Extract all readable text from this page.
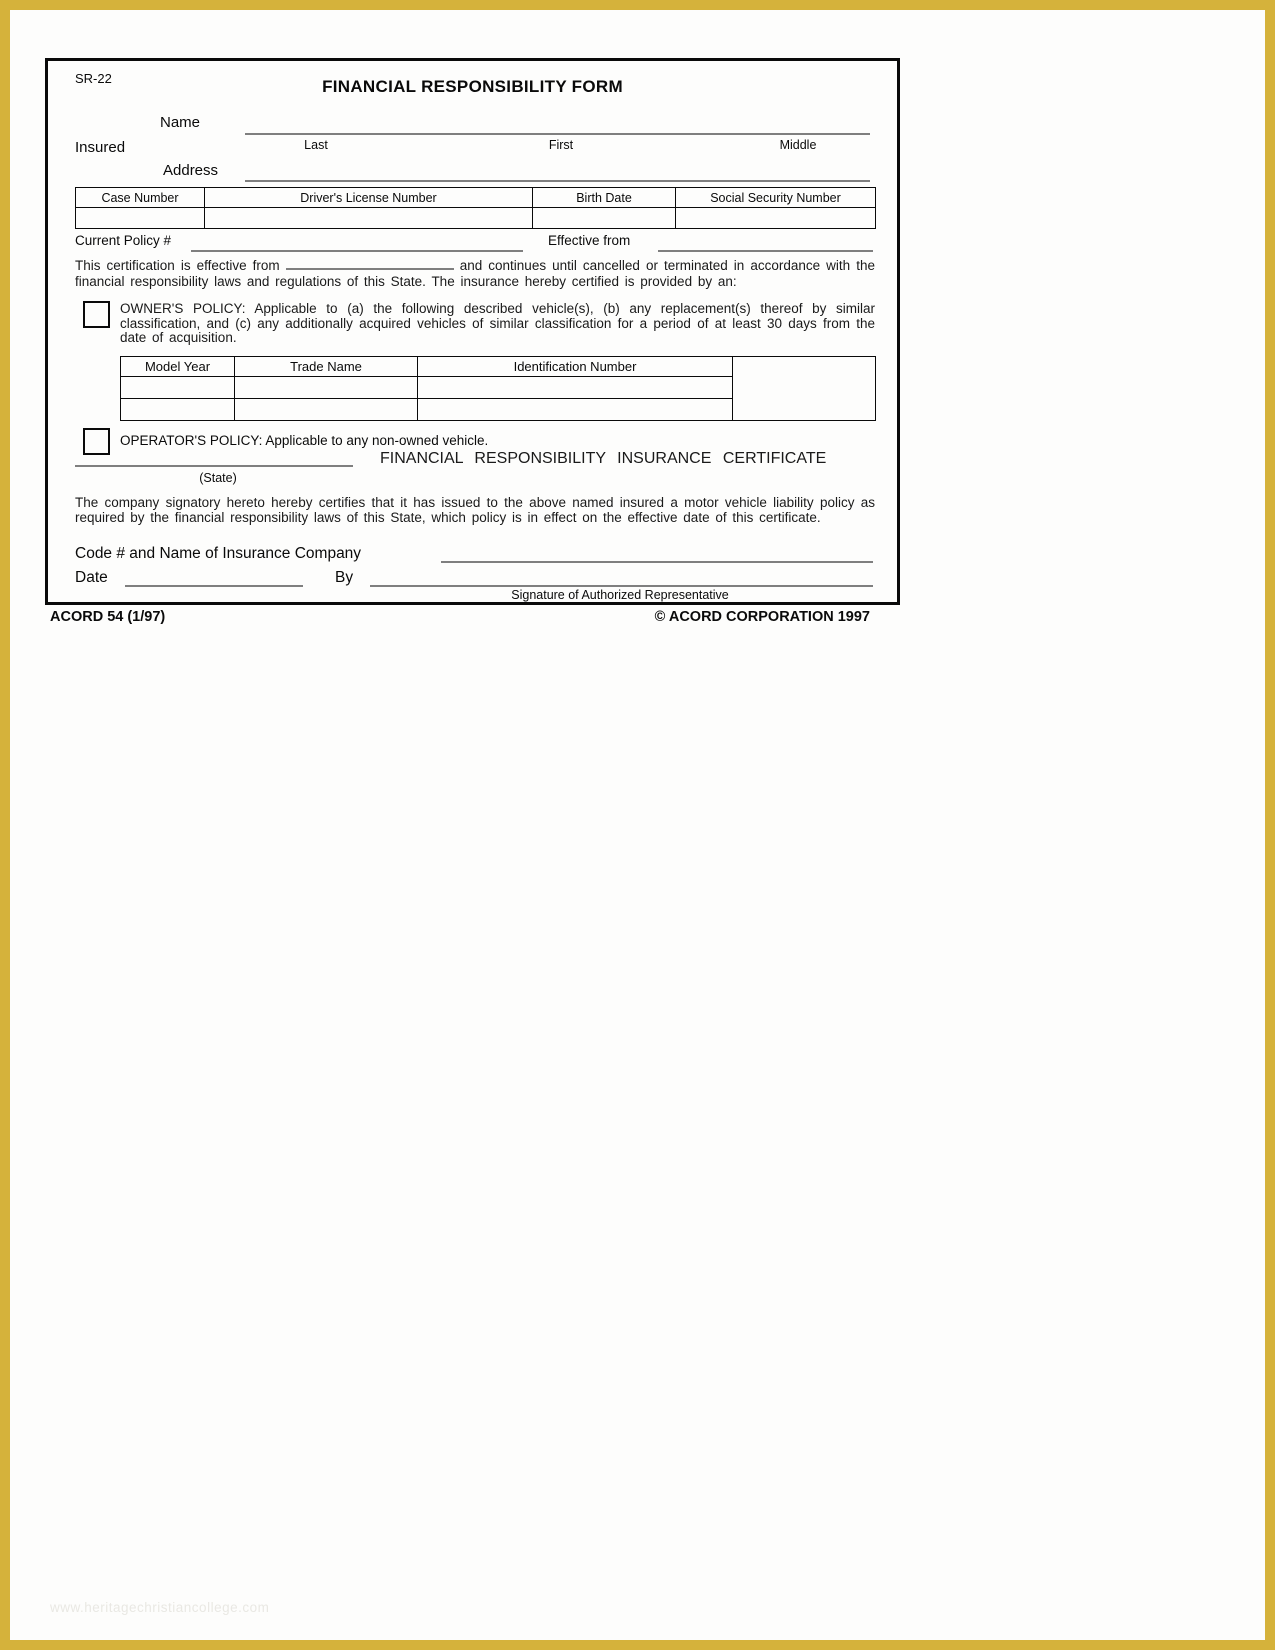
SR-22	FINANCIAL RESPONSIBILITY FORM
Name
Last	First	Middle
Insured
Address
Case Number	Driver's License Number	Birth Date	Social Security Number

Current Policy #	Effective from
This certification is effective from	and continues until cancelled or terminated in accordance with the financial responsibility laws and regulations of this State. The insurance hereby certified is provided by an:
OWNER'S POLICY: Applicable to (a) the following described vehicle(s), (b) any replacement(s) thereof by similar classification, and (c) any additionally acquired vehicles of similar classification for a period of at least 30 days from the date of acquisition.
Model Year	Trade Name	Identification Number	

OPERATOR'S POLICY: Applicable to any non-owned vehicle.
FINANCIAL RESPONSIBILITY INSURANCE CERTIFICATE
(State)
The company signatory hereto hereby certifies that it has issued to the above named insured a motor vehicle liability policy as required by the financial responsibility laws of this State, which policy is in effect on the effective date of this certificate.
Code # and Name of Insurance Company
Date	By
Signature of Authorized Representative
ACORD 54 (1/97)	© ACORD CORPORATION 1997
www.heritagechristiancollege.com
